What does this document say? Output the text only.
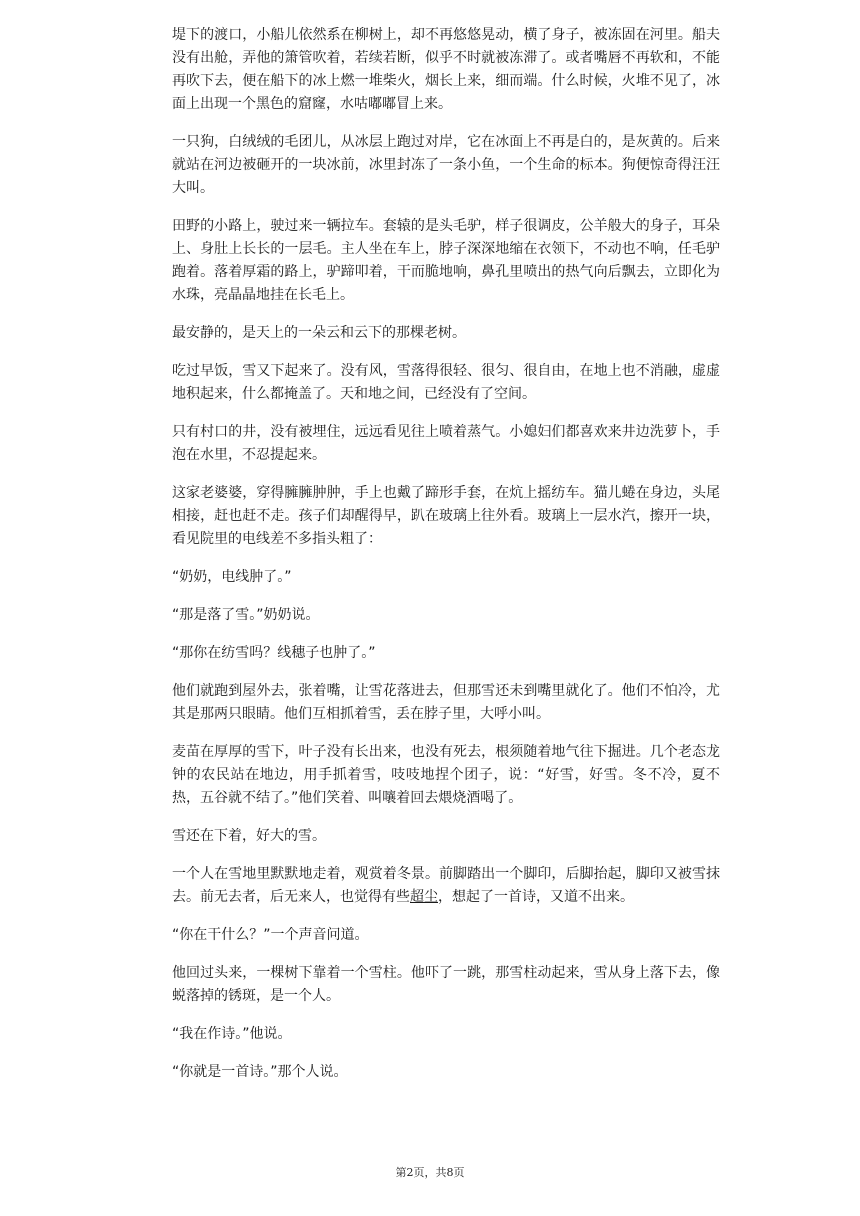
堤下的渡口，小船儿依然系在柳树上，却不再悠悠晃动，横了身子，被冻固在河里。船夫没有出舱，弄他的箫管吹着，若续若断，似乎不时就被冻滞了。或者嘴唇不再软和，不能再吹下去，便在船下的冰上燃一堆柴火，烟长上来，细而端。什么时候，火堆不见了，冰面上出现一个黑色的窟窿，水咕嘟嘟冒上来。

一只狗，白绒绒的毛团儿，从冰层上跑过对岸，它在冰面上不再是白的，是灰黄的。后来就站在河边被砸开的一块冰前，冰里封冻了一条小鱼，一个生命的标本。狗便惊奇得汪汪大叫。

田野的小路上，驶过来一辆拉车。套辕的是头毛驴，样子很调皮，公羊般大的身子，耳朵上、身肚上长长的一层毛。主人坐在车上，脖子深深地缩在衣领下，不动也不响，任毛驴跑着。落着厚霜的路上，驴蹄叩着，干而脆地响，鼻孔里喷出的热气向后飘去，立即化为水珠，亮晶晶地挂在长毛上。

最安静的，是天上的一朵云和云下的那棵老树。

吃过早饭，雪又下起来了。没有风，雪落得很轻、很匀、很自由，在地上也不消融，虚虚地积起来，什么都掩盖了。天和地之间，已经没有了空间。

只有村口的井，没有被埋住，远远看见往上喷着蒸气。小媳妇们都喜欢来井边洗萝卜，手泡在水里，不忍提起来。

这家老婆婆，穿得臃臃肿肿，手上也戴了蹄形手套，在炕上摇纺车。猫儿蜷在身边，头尾相接，赶也赶不走。孩子们却醒得早，趴在玻璃上往外看。玻璃上一层水汽，擦开一块，看见院里的电线差不多指头粗了：

“奶奶，电线肿了。”

“那是落了雪。”奶奶说。

“那你在纺雪吗？线穗子也肿了。”

他们就跑到屋外去，张着嘴，让雪花落进去，但那雪还未到嘴里就化了。他们不怕冷，尤其是那两只眼睛。他们互相抓着雪，丢在脖子里，大呼小叫。

麦苗在厚厚的雪下，叶子没有长出来，也没有死去，根须随着地气往下掘进。几个老态龙钟的农民站在地边，用手抓着雪，吱吱地捏个团子，说：“好雪，好雪。冬不冷，夏不热，五谷就不结了。”他们笑着、叫嚷着回去煨烧酒喝了。

雪还在下着，好大的雪。

一个人在雪地里默默地走着，观赏着冬景。前脚踏出一个脚印，后脚抬起，脚印又被雪抹去。前无去者，后无来人，也觉得有些超尘，想起了一首诗，又道不出来。

“你在干什么？”一个声音问道。

他回过头来，一棵树下靠着一个雪柱。他吓了一跳，那雪柱动起来，雪从身上落下去，像蜕落掉的锈斑，是一个人。

“我在作诗。”他说。

“你就是一首诗。”那个人说。

第2页，共8页
